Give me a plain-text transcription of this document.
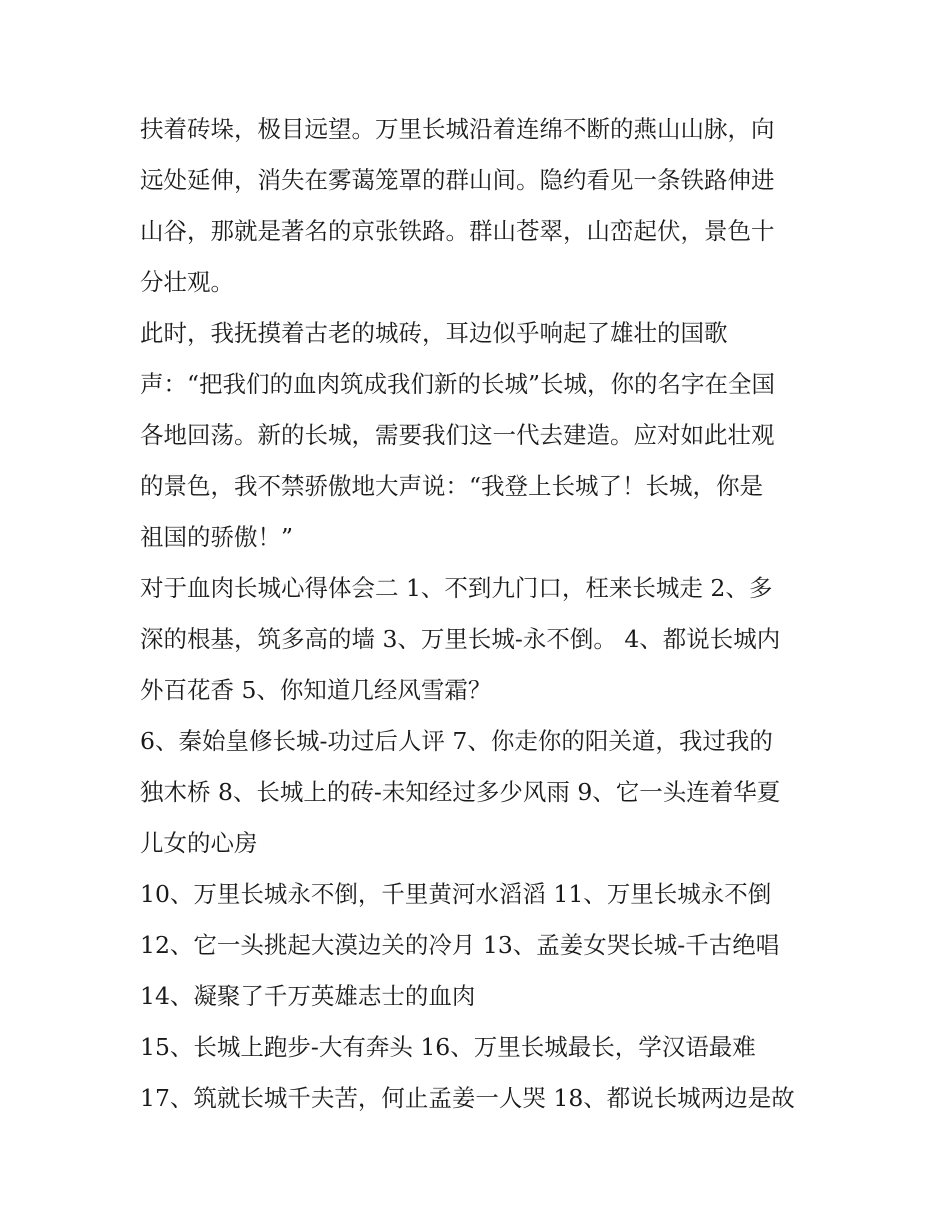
扶着砖垛，极目远望。万里长城沿着连绵不断的燕山山脉，向
远处延伸，消失在雾蔼笼罩的群山间。隐约看见一条铁路伸进
山谷，那就是著名的京张铁路。群山苍翠，山峦起伏，景色十
分壮观。
此时，我抚摸着古老的城砖，耳边似乎响起了雄壮的国歌
声：“把我们的血肉筑成我们新的长城”长城，你的名字在全国
各地回荡。新的长城，需要我们这一代去建造。应对如此壮观
的景色，我不禁骄傲地大声说：“我登上长城了！长城，你是
祖国的骄傲！”
对于血肉长城心得体会二 1、不到九门口，枉来长城走 2、多
深的根基，筑多高的墙 3、万里长城-永不倒。 4、都说长城内
外百花香 5、你知道几经风雪霜？
6、秦始皇修长城-功过后人评 7、你走你的阳关道，我过我的
独木桥 8、长城上的砖-未知经过多少风雨 9、它一头连着华夏
儿女的心房
10、万里长城永不倒，千里黄河水滔滔 11、万里长城永不倒
12、它一头挑起大漠边关的冷月 13、孟姜女哭长城-千古绝唱
14、凝聚了千万英雄志士的血肉
15、长城上跑步-大有奔头 16、万里长城最长，学汉语最难
17、筑就长城千夫苦，何止孟姜一人哭 18、都说长城两边是故
